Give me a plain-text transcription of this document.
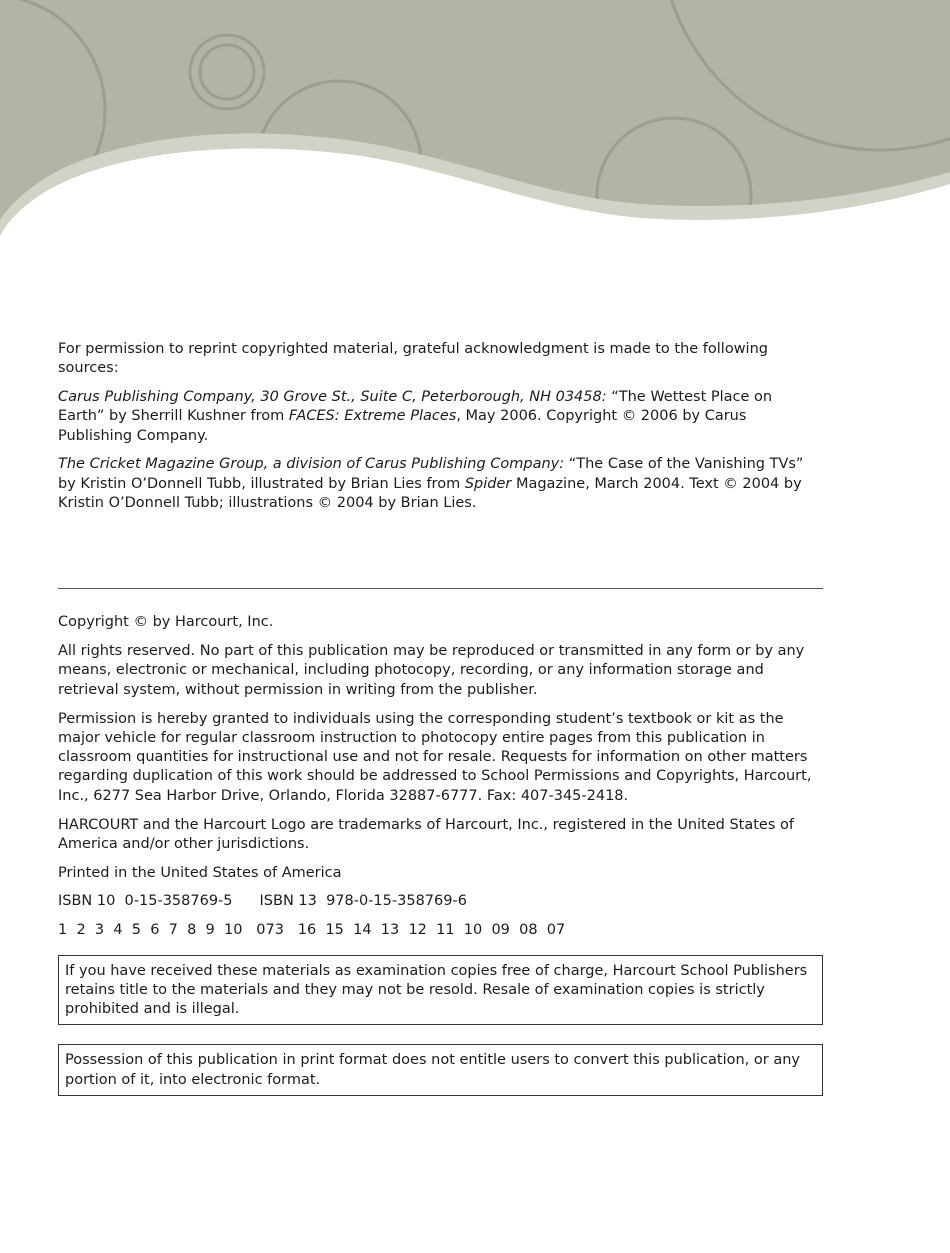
For permission to reprint copyrighted material, grateful acknowledgment is made to the following sources:

Carus Publishing Company, 30 Grove St., Suite C, Peterborough, NH 03458: “The Wettest Place on Earth” by Sherrill Kushner from FACES: Extreme Places, May 2006. Copyright © 2006 by Carus Publishing Company.

The Cricket Magazine Group, a division of Carus Publishing Company: “The Case of the Vanishing TVs” by Kristin O’Donnell Tubb, illustrated by Brian Lies from Spider Magazine, March 2004. Text © 2004 by Kristin O’Donnell Tubb; illustrations © 2004 by Brian Lies.

Copyright © by Harcourt, Inc.

All rights reserved. No part of this publication may be reproduced or transmitted in any form or by any means, electronic or mechanical, including photocopy, recording, or any information storage and retrieval system, without permission in writing from the publisher.

Permission is hereby granted to individuals using the corresponding student’s textbook or kit as the major vehicle for regular classroom instruction to photocopy entire pages from this publication in classroom quantities for instructional use and not for resale. Requests for information on other matters regarding duplication of this work should be addressed to School Permissions and Copyrights, Harcourt, Inc., 6277 Sea Harbor Drive, Orlando, Florida 32887-6777. Fax: 407-345-2418.

HARCOURT and the Harcourt Logo are trademarks of Harcourt, Inc., registered in the United States of America and/or other jurisdictions.

Printed in the United States of America

ISBN 10  0-15-358769-5 ISBN 13  978-0-15-358769-6

1  2  3  4  5  6  7  8  9  10   073   16  15  14  13  12  11  10  09  08  07

If you have received these materials as examination copies free of charge, Harcourt School Publishers retains title to the materials and they may not be resold. Resale of examination copies is strictly prohibited and is illegal.

Possession of this publication in print format does not entitle users to convert this publication, or any portion of it, into electronic format.
